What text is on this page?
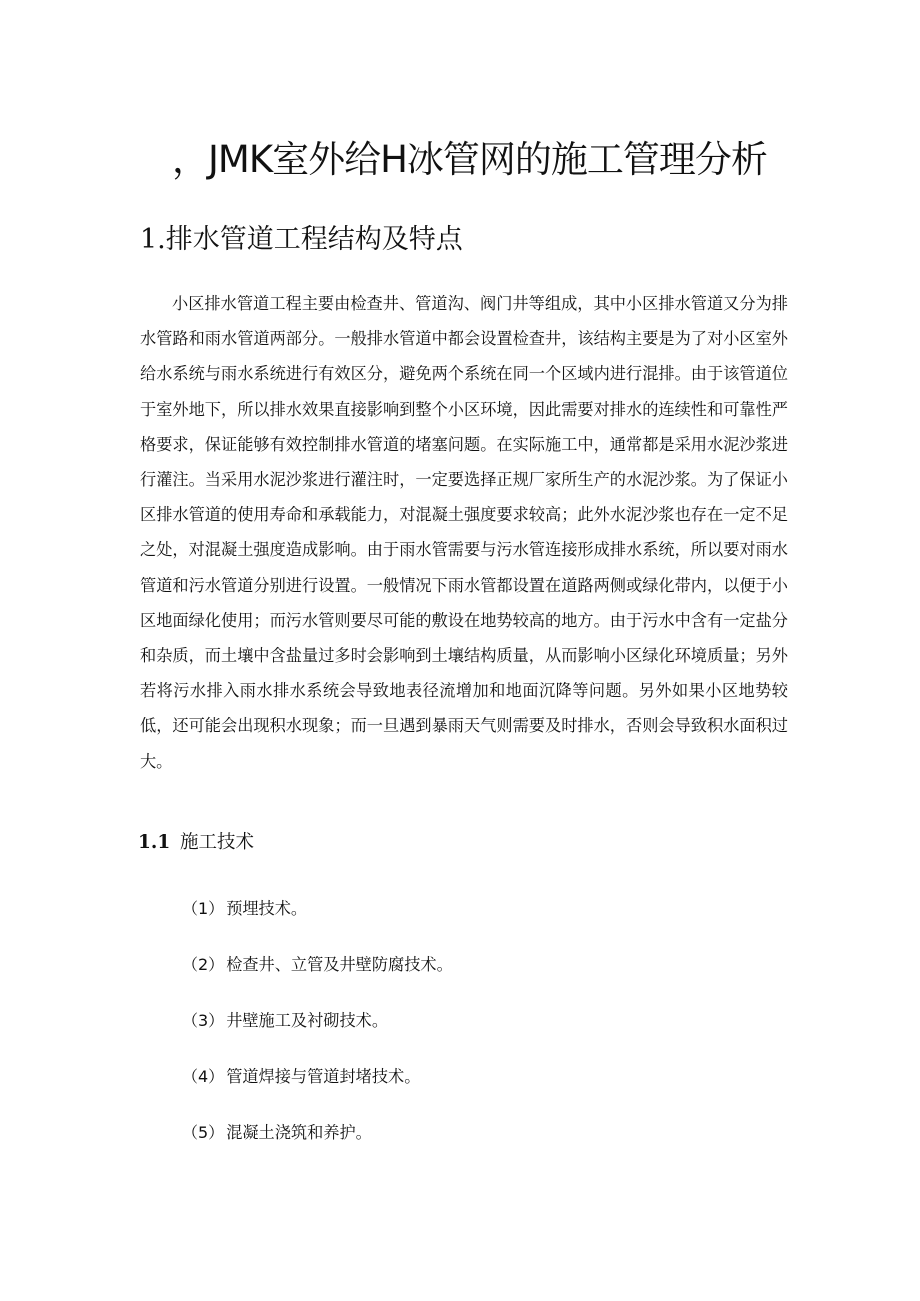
，JMK室外给H冰管网的施工管理分析
1.排水管道工程结构及特点

小区排水管道工程主要由检查井、管道沟、阀门井等组成，其中小区排水管道又分为排水管路和雨水管道两部分。一般排水管道中都会设置检查井，该结构主要是为了对小区室外给水系统与雨水系统进行有效区分，避免两个系统在同一个区域内进行混排。由于该管道位于室外地下，所以排水效果直接影响到整个小区环境，因此需要对排水的连续性和可靠性严格要求，保证能够有效控制排水管道的堵塞问题。在实际施工中，通常都是采用水泥沙浆进行灌注。当采用水泥沙浆进行灌注时，一定要选择正规厂家所生产的水泥沙浆。为了保证小区排水管道的使用寿命和承载能力，对混凝土强度要求较高；此外水泥沙浆也存在一定不足之处，对混凝土强度造成影响。由于雨水管需要与污水管连接形成排水系统，所以要对雨水管道和污水管道分别进行设置。一般情况下雨水管都设置在道路两侧或绿化带内，以便于小区地面绿化使用；而污水管则要尽可能的敷设在地势较高的地方。由于污水中含有一定盐分和杂质，而土壤中含盐量过多时会影响到土壤结构质量，从而影响小区绿化环境质量；另外若将污水排入雨水排水系统会导致地表径流增加和地面沉降等问题。另外如果小区地势较低，还可能会出现积水现象；而一旦遇到暴雨天气则需要及时排水，否则会导致积水面积过大。

1.1 施工技术
（1） 预埋技术。
（2） 检查井、立管及井壁防腐技术。
（3） 井壁施工及衬砌技术。
（4） 管道焊接与管道封堵技术。
（5） 混凝土浇筑和养护。
